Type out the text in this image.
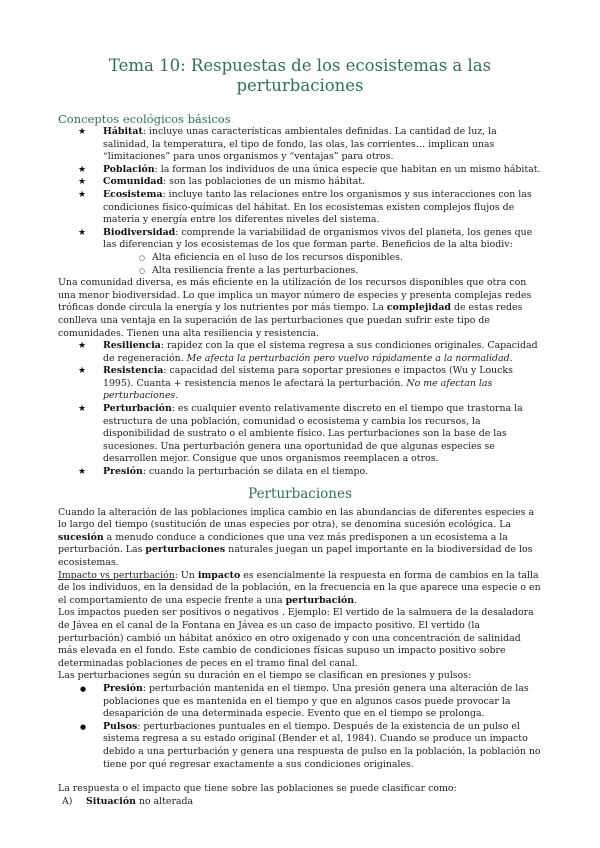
Tema 10: Respuestas de los ecosistemas a las perturbaciones
Conceptos ecológicos básicos
★ Hábitat: incluye unas características ambientales definidas. La cantidad de luz, la salinidad, la temperatura, el tipo de fondo, las olas, las corrientes… implican unas “limitaciones” para unos organismos y “ventajas” para otros.
★ Población: la forman los individuos de una única especie que habitan en un mismo hábitat.
★ Comunidad: son las poblaciones de un mismo hábitat.
★ Ecosistema: incluye tanto las relaciones entre los organismos y sus interacciones con las condiciones físico-químicas del hábitat. En los ecosistemas existen complejos flujos de materia y energía entre los diferentes niveles del sistema.
★ Biodiversidad: comprende la variabilidad de organismos vivos del planeta, los genes que las diferencian y los ecosistemas de los que forman parte. Beneficios de la alta biodiv:
○ Alta eficiencia en el luso de los recursos disponibles.
○ Alta resiliencia frente a las perturbaciones.

Una comunidad diversa, es más eficiente en la utilización de los recursos disponibles que otra con una menor biodiversidad. Lo que implica un mayor número de especies y presenta complejas redes tróficas donde circula la energía y los nutrientes por más tiempo. La complejidad de estas redes conlleva una ventaja en la superación de las perturbaciones que puedan sufrir este tipo de comunidades. Tienen una alta resiliencia y resistencia.

★ Resiliencia: rapidez con la que el sistema regresa a sus condiciones originales. Capacidad de regeneración. Me afecta la perturbación pero vuelvo rápidamente a la normalidad.
★ Resistencia: capacidad del sistema para soportar presiones e impactos (Wu y Loucks 1995). Cuanta + resistencia menos le afectará la perturbación. No me afectan las perturbaciones.
★ Perturbación: es cualquier evento relativamente discreto en el tiempo que trastorna la estructura de una población, comunidad o ecosistema y cambia los recursos, la disponibilidad de sustrato o el ambiente físico. Las perturbaciones son la base de las sucesiones. Una perturbación genera una oportunidad de que algunas especies se desarrollen mejor. Consigue que unos organismos reemplacen a otros.
★ Presión: cuando la perturbación se dilata en el tiempo.
Perturbaciones

Cuando la alteración de las poblaciones implica cambio en las abundancias de diferentes especies a lo largo del tiempo (sustitución de unas especies por otra), se denomina sucesión ecológica. La sucesión a menudo conduce a condiciones que una vez más predisponen a un ecosistema a la perturbación. Las perturbaciones naturales juegan un papel importante en la biodiversidad de los ecosistemas.

Impacto vs perturbación: Un impacto es esencialmente la respuesta en forma de cambios en la talla de los individuos, en la densidad de la población, en la frecuencia en la que aparece una especie o en el comportamiento de una especie frente a una perturbación.

Los impactos pueden ser positivos o negativos . Ejemplo: El vertido de la salmuera de la desaladora de Jávea en el canal de la Fontana en Jávea es un caso de impacto positivo. El vertido (la perturbación) cambió un hábitat anóxico en otro oxigenado y con una concentración de salinidad más elevada en el fondo. Este cambio de condiciones físicas supuso un impacto positivo sobre determinadas poblaciones de peces en el tramo final del canal.

Las perturbaciones según su duración en el tiempo se clasifican en presiones y pulsos:

● Presión: perturbación mantenida en el tiempo. Una presión genera una alteración de las poblaciones que es mantenida en el tiempo y que en algunos casos puede provocar la desaparición de una determinada especie. Evento que en el tiempo se prolonga.
● Pulsos: perturbaciones puntuales en el tiempo. Después de la existencia de un pulso el sistema regresa a su estado original (Bender et al, 1984). Cuando se produce un impacto debido a una perturbación y genera una respuesta de pulso en la población, la población no tiene por qué regresar exactamente a sus condiciones originales.

La respuesta o el impacto que tiene sobre las poblaciones se puede clasificar como:

A) Situación no alterada
